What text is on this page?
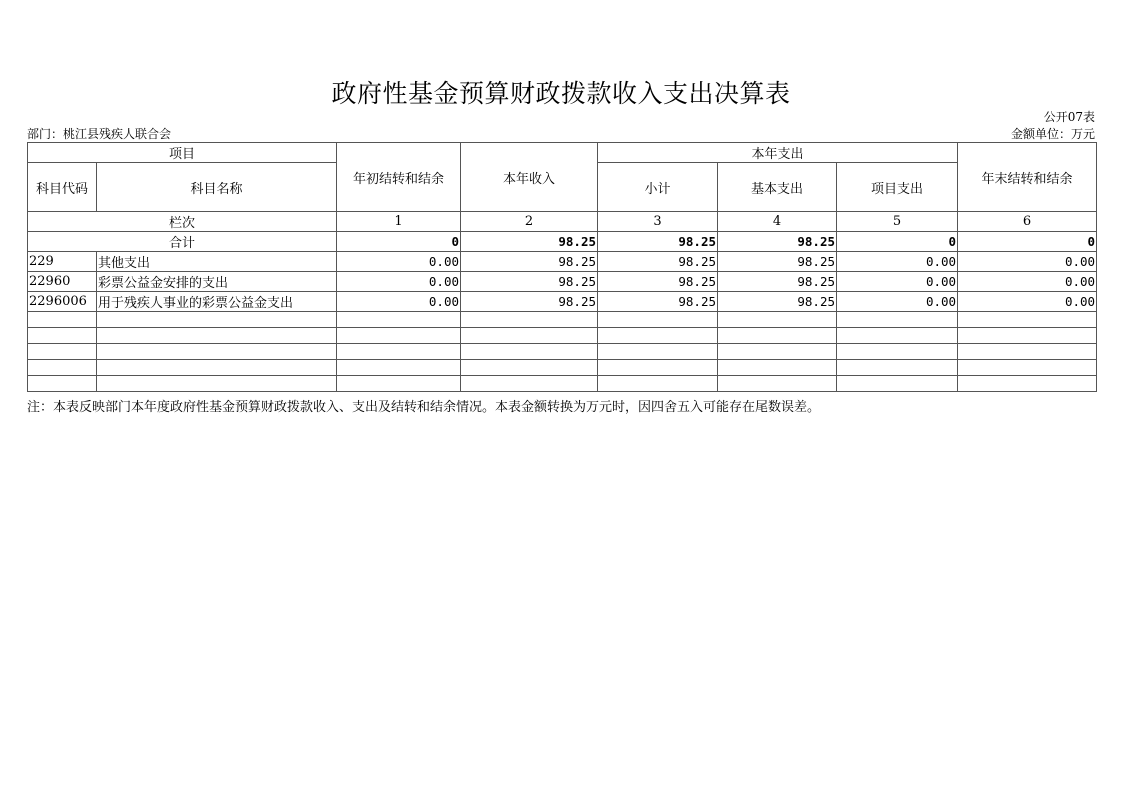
政府性基金预算财政拨款收入支出决算表
公开07表
部门：桃江县残疾人联合会	金额单位：万元
项目		年初结转和结余	本年收入	本年支出			年末结转和结余
科目代码	科目名称			小计	基本支出	项目支出	
栏次		1	2	3	4	5	6
合计		0	98.25	98.25	98.25	0	0
229	其他支出	0.00	98.25	98.25	98.25	0.00	0.00
22960	彩票公益金安排的支出	0.00	98.25	98.25	98.25	0.00	0.00
2296006	用于残疾人事业的彩票公益金支出	0.00	98.25	98.25	98.25	0.00	0.00

注：本表反映部门本年度政府性基金预算财政拨款收入、支出及结转和结余情况。本表金额转换为万元时，因四舍五入可能存在尾数误差。
